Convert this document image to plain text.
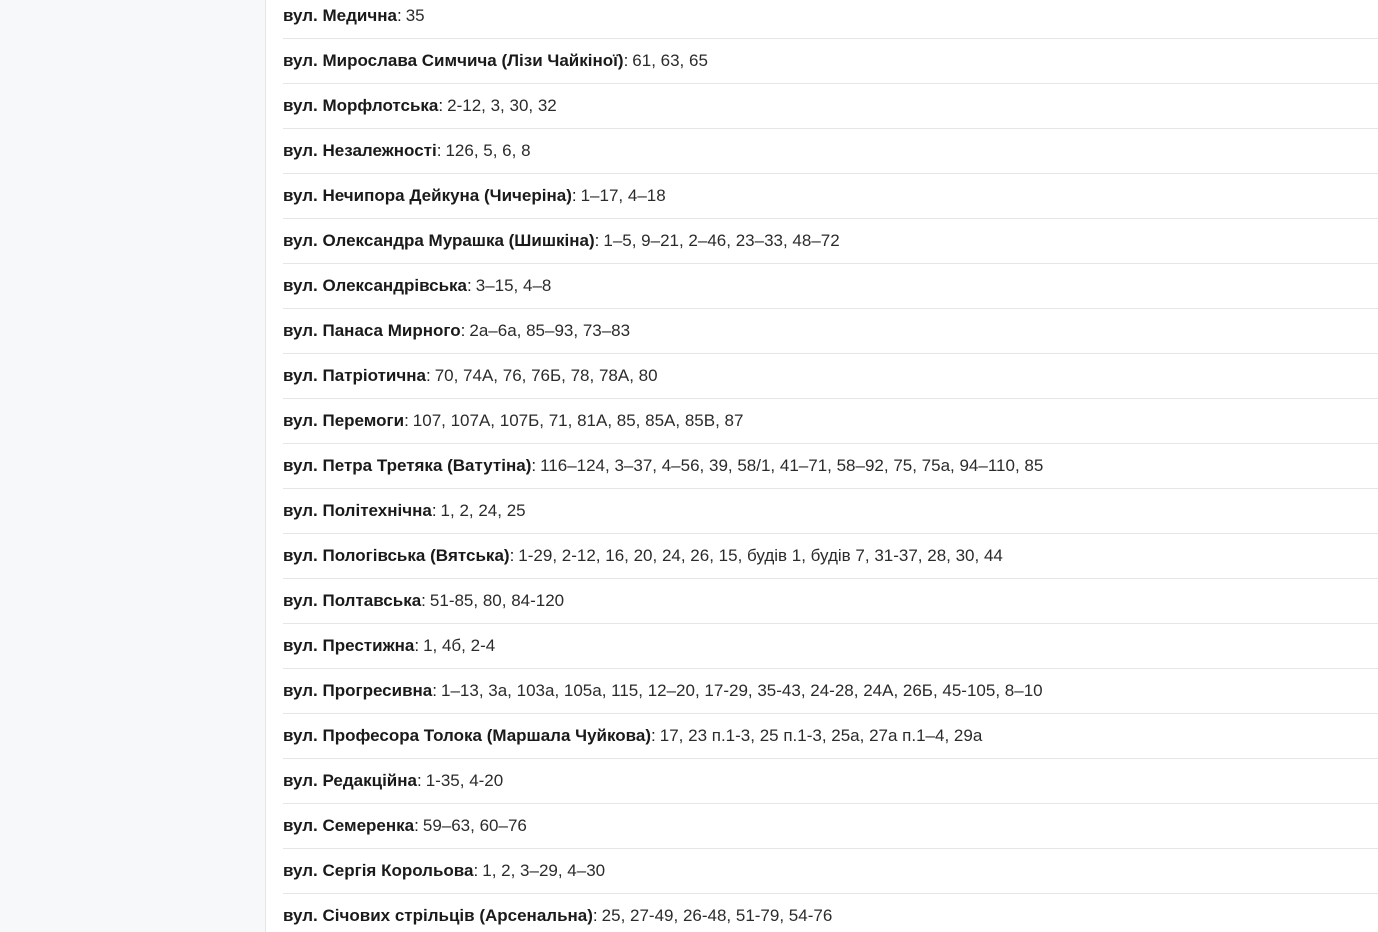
вул. Медична : 35
вул. Мирослава Симчича (Лізи Чайкіної) : 61, 63, 65
вул. Морфлотська : 2-12, 3, 30, 32
вул. Незалежності : 126, 5, 6, 8
вул. Нечипора Дейкуна (Чичеріна) : 1–17, 4–18
вул. Олександра Мурашка (Шишкіна) : 1–5, 9–21, 2–46, 23–33, 48–72
вул. Олександрівська : 3–15, 4–8
вул. Панаса Мирного : 2а–6а, 85–93, 73–83
вул. Патріотична : 70, 74А, 76, 76Б, 78, 78А, 80
вул. Перемоги : 107, 107А, 107Б, 71, 81А, 85, 85А, 85В, 87
вул. Петра Третяка (Ватутіна) : 116–124, 3–37, 4–56, 39, 58/1, 41–71, 58–92, 75, 75а, 94–110, 85
вул. Політехнічна : 1, 2, 24, 25
вул. Пологівська (Вятська) : 1-29, 2-12, 16, 20, 24, 26, 15, будів 1, будів 7, 31-37, 28, 30, 44
вул. Полтавська : 51-85, 80, 84-120
вул. Престижна : 1, 4б, 2-4
вул. Прогресивна : 1–13, 3а, 103а, 105а, 115, 12–20, 17-29, 35-43, 24-28, 24А, 26Б, 45-105, 8–10
вул. Професора Толока (Маршала Чуйкова) : 17, 23 п.1-3, 25 п.1-3, 25а, 27а п.1–4, 29а
вул. Редакційна : 1-35, 4-20
вул. Семеренка : 59–63, 60–76
вул. Сергія Корольова : 1, 2, 3–29, 4–30
вул. Січових стрільців (Арсенальна) : 25, 27-49, 26-48, 51-79, 54-76
